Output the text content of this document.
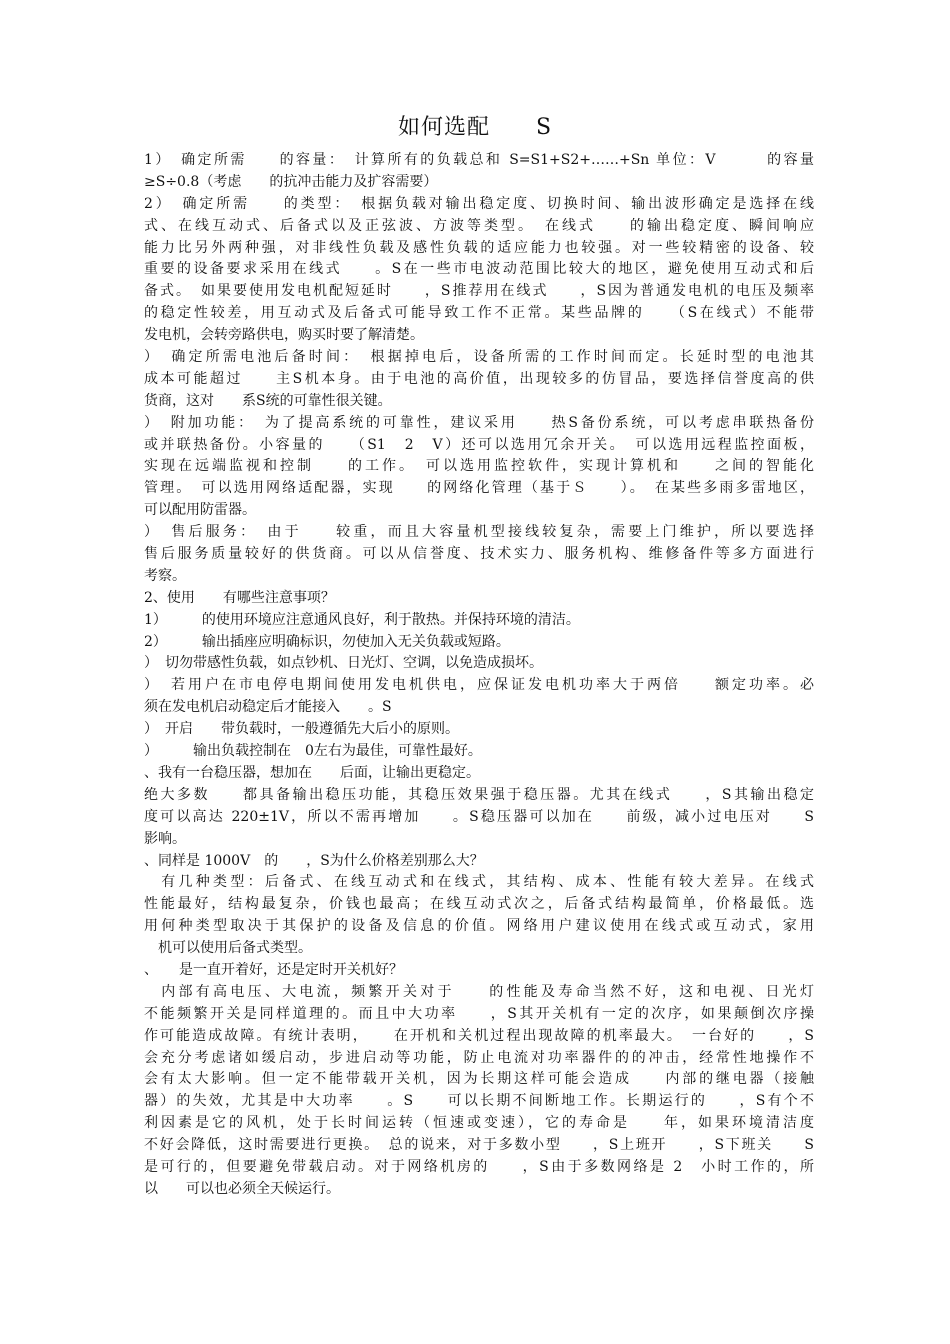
如何选配　　S
1）　确定所需　　的容量：　计算所有的负载总和 S=S1+S2+……+Sn 单位：V　　　的容量
≥S÷0.8（考虑　　的抗冲击能力及扩容需要）
2）　确定所需　　的类型：　根据负载对输出稳定度、切换时间、输出波形确定是选择在线
式、在线互动式、后备式以及正弦波、方波等类型。　在线式　　的输出稳定度、瞬间响应
能力比另外两种强，对非线性负载及感性负载的适应能力也较强。对一些较精密的设备、较
重要的设备要求采用在线式　　。S在一些市电波动范围比较大的地区，避免使用互动式和后
备式。　如果要使用发电机配短延时　　，S推荐用在线式　　，S因为普通发电机的电压及频率
的稳定性较差，用互动式及后备式可能导致工作不正常。某些品牌的　　（S在线式）不能带
发电机，会转旁路供电，购买时要了解清楚。
）　确定所需电池后备时间：　根据掉电后，设备所需的工作时间而定。长延时型的电池其
成本可能超过　　主S机本身。由于电池的高价值，出现较多的仿冒品，要选择信誉度高的供
货商，这对　　系S统的可靠性很关键。
）　附加功能：　为了提高系统的可靠性，建议采用　　热S备份系统，可以考虑串联热备份
或并联热备份。小容量的　　（S1　2　V）还可以选用冗余开关。　可以选用远程监控面板，
实现在远端监视和控制　　的工作。　可以选用监控软件，实现计算机和　　之间的智能化
管理。　可以选用网络适配器，实现　　的网络化管理（基于Ｓ　　）。　在某些多雨多雷地区，
可以配用防雷器。
）　售后服务：　由于　　较重，而且大容量机型接线较复杂，需要上门维护，所以要选择
售后服务质量较好的供货商。可以从信誉度、技术实力、服务机构、维修备件等多方面进行
考察。
2、使用　　有哪些注意事项？
1）　　　的使用环境应注意通风良好，利于散热。并保持环境的清洁。
2）　　　输出插座应明确标识，勿使加入无关负载或短路。
）　切勿带感性负载，如点钞机、日光灯、空调，以免造成损坏。
）　若用户在市电停电期间使用发电机供电，应保证发电机功率大于两倍　　额定功率。必
须在发电机启动稳定后才能接入　　。S
）　开启　　带负载时，一般遵循先大后小的原则。
）　　　输出负载控制在　0左右为最佳，可靠性最好。
、我有一台稳压器，想加在　　后面，让输出更稳定。
绝大多数　　都具备输出稳压功能，其稳压效果强于稳压器。尤其在线式　　，S其输出稳定
度可以高达 220±1V，所以不需再增加　　。S稳压器可以加在　　前级，减小过电压对　　S
影响。
、同样是 1000V　的　　，S为什么价格差别那么大？
　有几种类型：后备式、在线互动式和在线式，其结构、成本、性能有较大差异。在线式
性能最好，结构最复杂，价钱也最高；在线互动式次之，后备式结构最简单，价格最低。选
用何种类型取决于其保护的设备及信息的价值。网络用户建议使用在线式或互动式，家用
　机可以使用后备式类型。
、　　是一直开着好，还是定时开关机好？
　内部有高电压、大电流，频繁开关对于　　的性能及寿命当然不好，这和电视、日光灯
不能频繁开关是同样道理的。而且中大功率　　，S其开关机有一定的次序，如果颠倒次序操
作可能造成故障。有统计表明，　　在开机和关机过程出现故障的机率最大。　一台好的　　，S
会充分考虑诸如缓启动，步进启动等功能，防止电流对功率器件的的冲击，经常性地操作不
会有太大影响。但一定不能带载开关机，因为长期这样可能会造成　　内部的继电器（接触
器）的失效，尤其是中大功率　　。S　　可以长期不间断地工作。长期运行的　　，S有个不
利因素是它的风机，处于长时间运转（恒速或变速），它的寿命是　　年，如果环境清洁度
不好会降低，这时需要进行更换。　总的说来，对于多数小型　　，S上班开　　，S下班关　　S
是可行的，但要避免带载启动。对于网络机房的　　，S由于多数网络是 2　小时工作的，所
以　　可以也必须全天候运行。
